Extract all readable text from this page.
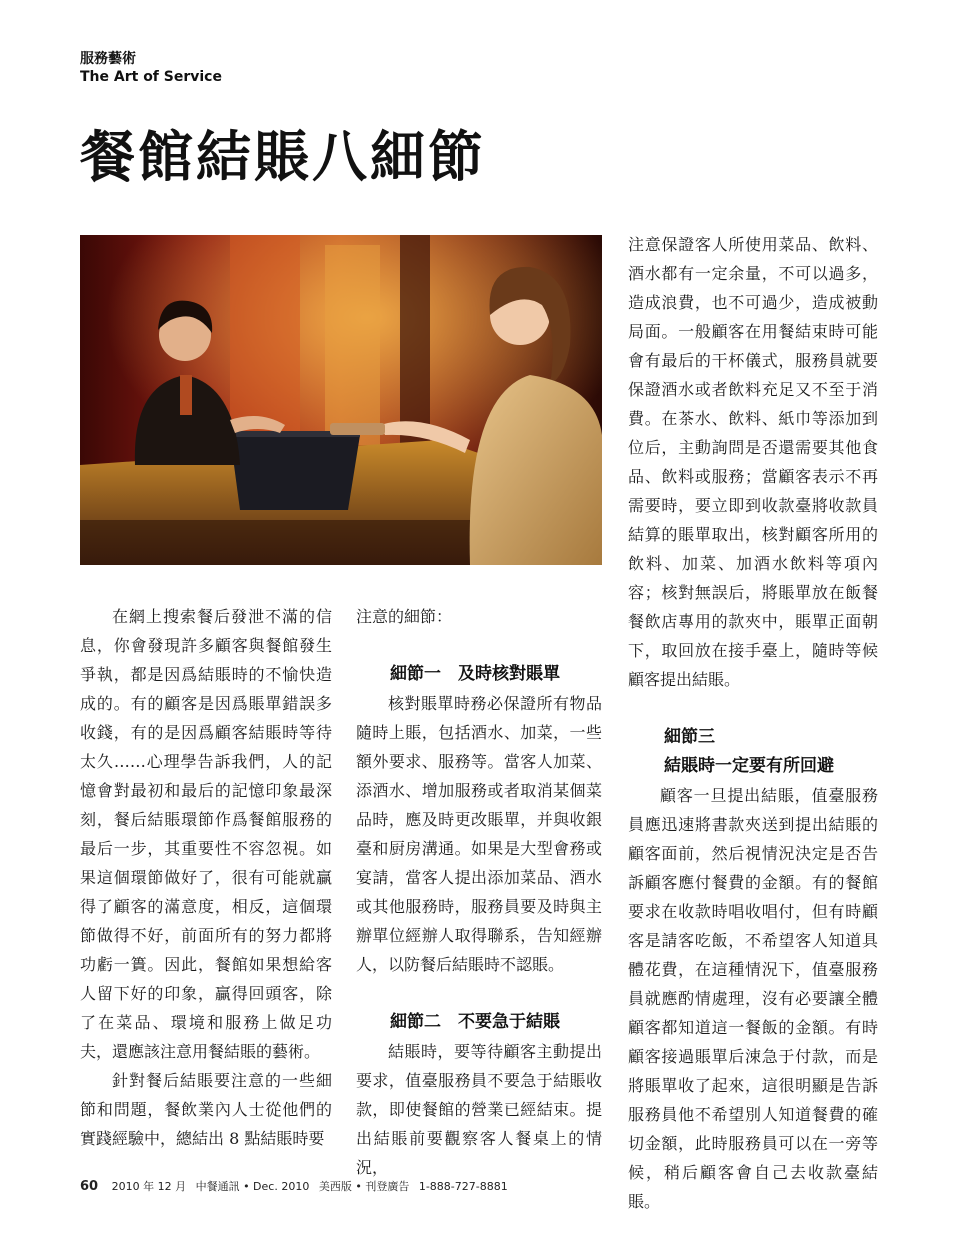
服務藝術
The Art of Service
餐館結賬八細節

在網上搜索餐后發泄不滿的信息，你會發現許多顧客與餐館發生爭執，都是因爲結賬時的不愉快造成的。有的顧客是因爲賬單錯誤多收錢，有的是因爲顧客結賬時等待太久……心理學告訴我們，人的記憶會對最初和最后的記憶印象最深刻，餐后結賬環節作爲餐館服務的最后一步，其重要性不容忽視。如果這個環節做好了，很有可能就贏得了顧客的滿意度，相反，這個環節做得不好，前面所有的努力都將功虧一簣。因此，餐館如果想給客人留下好的印象，贏得回頭客，除了在菜品、環境和服務上做足功夫，還應該注意用餐結賬的藝術。

針對餐后結賬要注意的一些細節和問題，餐飲業內人士從他們的實踐經驗中，總結出 8 點結賬時要

注意的細節：

細節一　及時核對賬單

核對賬單時務必保證所有物品隨時上賬，包括酒水、加菜，一些額外要求、服務等。當客人加菜、添酒水、增加服務或者取消某個菜品時，應及時更改賬單，并與收銀臺和厨房溝通。如果是大型會務或宴請，當客人提出添加菜品、酒水或其他服務時，服務員要及時與主辦單位經辦人取得聯系，告知經辦人，以防餐后結賬時不認賬。

細節二　不要急于結賬

結賬時，要等待顧客主動提出要求，值臺服務員不要急于結賬收款，即使餐館的營業已經結束。提出結賬前要觀察客人餐桌上的情況，

注意保證客人所使用菜品、飲料、酒水都有一定余量，不可以過多，造成浪費，也不可過少，造成被動局面。一般顧客在用餐結束時可能會有最后的干杯儀式，服務員就要保證酒水或者飲料充足又不至于消費。在茶水、飲料、紙巾等添加到位后，主動詢問是否還需要其他食品、飲料或服務；當顧客表示不再需要時，要立即到收款臺將收款員結算的賬單取出，核對顧客所用的飲料、加菜、加酒水飲料等項內容；核對無誤后，將賬單放在飯餐餐飲店專用的款夾中，賬單正面朝下，取回放在接手臺上，隨時等候顧客提出結賬。

細節三
結賬時一定要有所回避

顧客一旦提出結賬，值臺服務員應迅速將書款夾送到提出結賬的顧客面前，然后視情況決定是否告訴顧客應付餐費的金額。有的餐館要求在收款時唱收唱付，但有時顧客是請客吃飯，不希望客人知道具體花費，在這種情況下，值臺服務員就應酌情處理，沒有必要讓全體顧客都知道這一餐飯的金額。有時顧客接過賬單后涑急于付款，而是將賬單收了起來，這很明顯是告訴服務員他不希望別人知道餐費的確切金額，此時服務員可以在一旁等候，稍后顧客會自己去收款臺結賬。

60 2010 年 12 月 中餐通訊 • Dec. 2010 美西版 • 刊登廣告 1-888-727-8881
